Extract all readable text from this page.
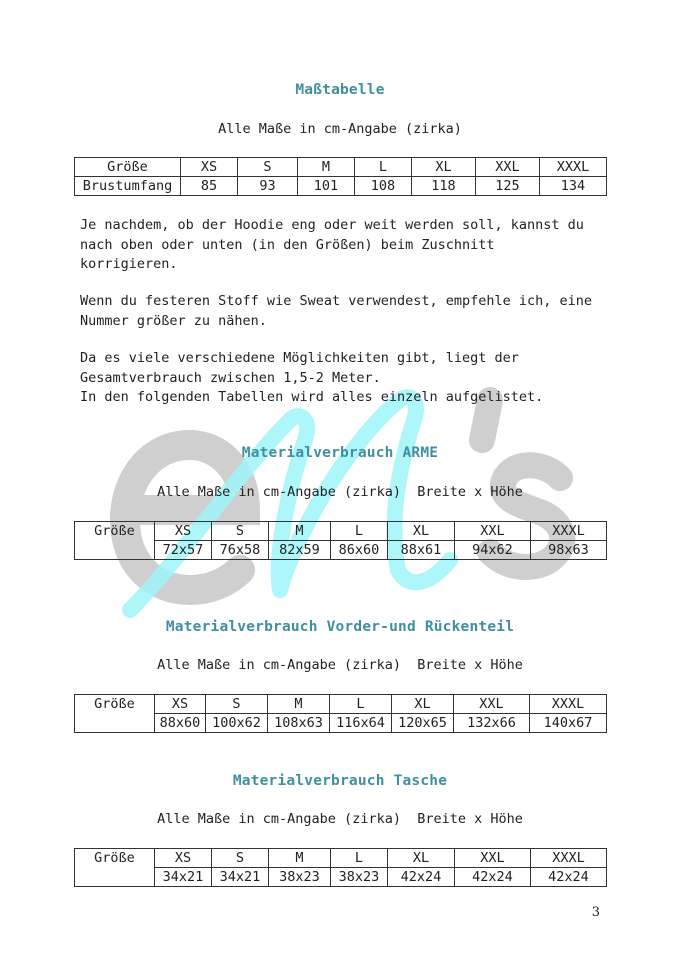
Maßtabelle
Alle Maße in cm-Angabe (zirka)
Größe	XS	S	M	L	XL	XXL	XXXL
Brustumfang	85	93	101	108	118	125	134
Je nachdem, ob der Hoodie eng oder weit werden soll, kannst du
nach oben oder unten (in den Größen) beim Zuschnitt
korrigieren.
Wenn du festeren Stoff wie Sweat verwendest, empfehle ich, eine
Nummer größer zu nähen.
Da es viele verschiedene Möglichkeiten gibt, liegt der
Gesamtverbrauch zwischen 1,5-2 Meter.
In den folgenden Tabellen wird alles einzeln aufgelistet.
Materialverbrauch ARME
Alle Maße in cm-Angabe (zirka)  Breite x Höhe
Größe	XS	S	M	L	XL	XXL	XXXL
	72x57	76x58	82x59	86x60	88x61	94x62	98x63
Materialverbrauch Vorder-und Rückenteil
Alle Maße in cm-Angabe (zirka)  Breite x Höhe
Größe	XS	S	M	L	XL	XXL	XXXL
	88x60	100x62	108x63	116x64	120x65	132x66	140x67
Materialverbrauch Tasche
Alle Maße in cm-Angabe (zirka)  Breite x Höhe
Größe	XS	S	M	L	XL	XXL	XXXL
	34x21	34x21	38x23	38x23	42x24	42x24	42x24
3
